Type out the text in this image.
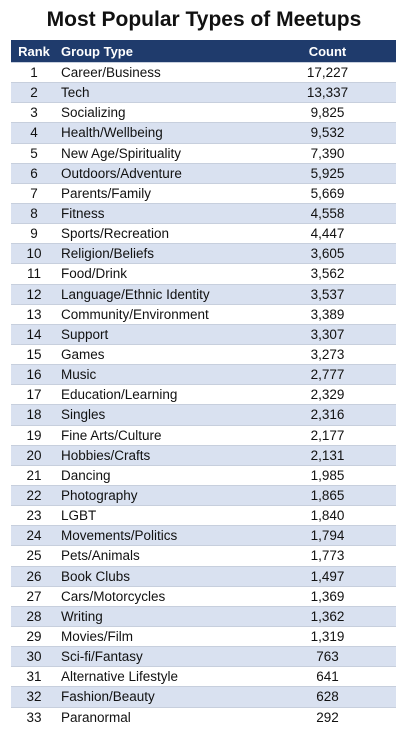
Most Popular Types of Meetups
Rank	Group Type	Count
1	Career/Business	17,227
2	Tech	13,337
3	Socializing	9,825
4	Health/Wellbeing	9,532
5	New Age/Spirituality	7,390
6	Outdoors/Adventure	5,925
7	Parents/Family	5,669
8	Fitness	4,558
9	Sports/Recreation	4,447
10	Religion/Beliefs	3,605
11	Food/Drink	3,562
12	Language/Ethnic Identity	3,537
13	Community/Environment	3,389
14	Support	3,307
15	Games	3,273
16	Music	2,777
17	Education/Learning	2,329
18	Singles	2,316
19	Fine Arts/Culture	2,177
20	Hobbies/Crafts	2,131
21	Dancing	1,985
22	Photography	1,865
23	LGBT	1,840
24	Movements/Politics	1,794
25	Pets/Animals	1,773
26	Book Clubs	1,497
27	Cars/Motorcycles	1,369
28	Writing	1,362
29	Movies/Film	1,319
30	Sci-fi/Fantasy	763
31	Alternative Lifestyle	641
32	Fashion/Beauty	628
33	Paranormal	292
